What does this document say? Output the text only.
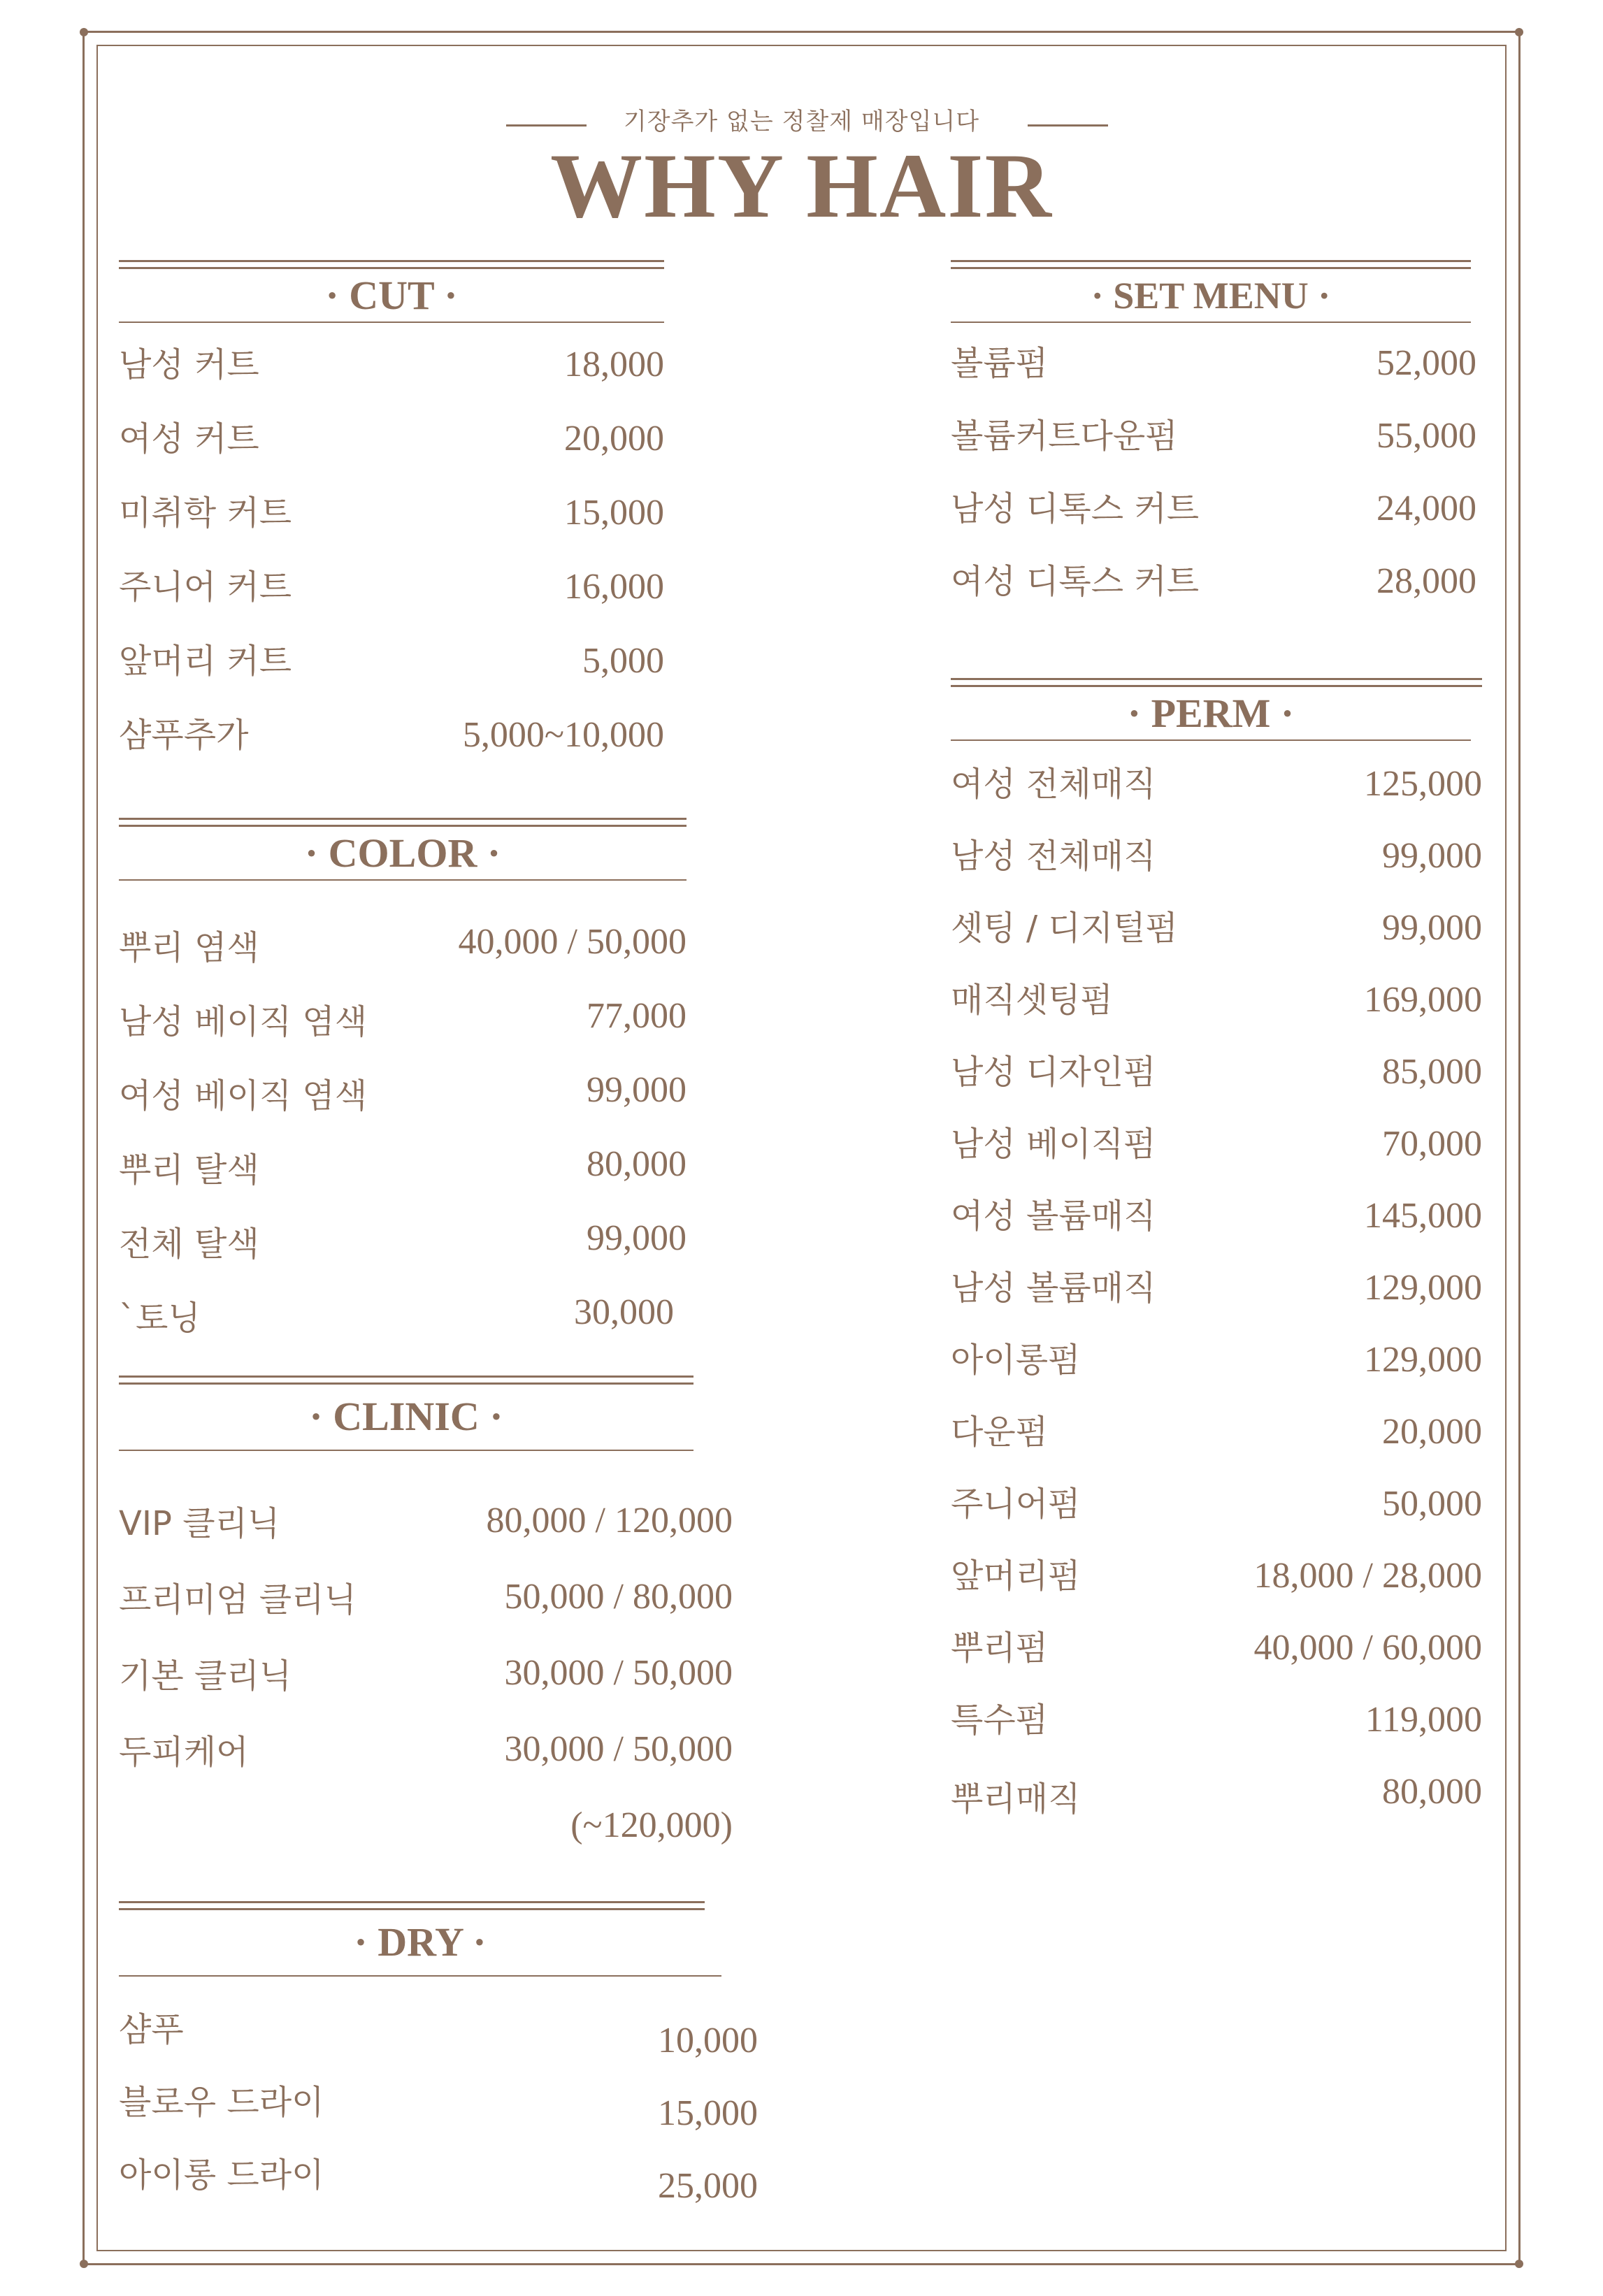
기장추가 없는 정찰제 매장입니다
WHY HAIR
· CUT ·
남성 커트	18,000
여성 커트	20,000
미취학 커트	15,000
주니어 커트	16,000
앞머리 커트	5,000
샴푸추가	5,000~10,000
· COLOR ·
뿌리 염색	40,000 / 50,000
남성 베이직 염색	77,000
여성 베이직 염색	99,000
뿌리 탈색	80,000
전체 탈색	99,000
`토닝	30,000
· CLINIC ·
VIP 클리닉	80,000 / 120,000
프리미엄 클리닉	50,000 / 80,000
기본 클리닉	30,000 / 50,000
두피케어	30,000 / 50,000
(~120,000)
· DRY ·
샴푸	10,000
블로우 드라이	15,000
아이롱 드라이	25,000
· SET MENU ·
볼륨펌	52,000
볼륨커트다운펌	55,000
남성 디톡스 커트	24,000
여성 디톡스 커트	28,000
· PERM ·
여성 전체매직	125,000
남성 전체매직	99,000
셋팅 / 디지털펌	99,000
매직셋팅펌	169,000
남성 디자인펌	85,000
남성 베이직펌	70,000
여성 볼륨매직	145,000
남성 볼륨매직	129,000
아이롱펌	129,000
다운펌	20,000
주니어펌	50,000
앞머리펌	18,000 / 28,000
뿌리펌	40,000 / 60,000
특수펌	119,000
뿌리매직	80,000
